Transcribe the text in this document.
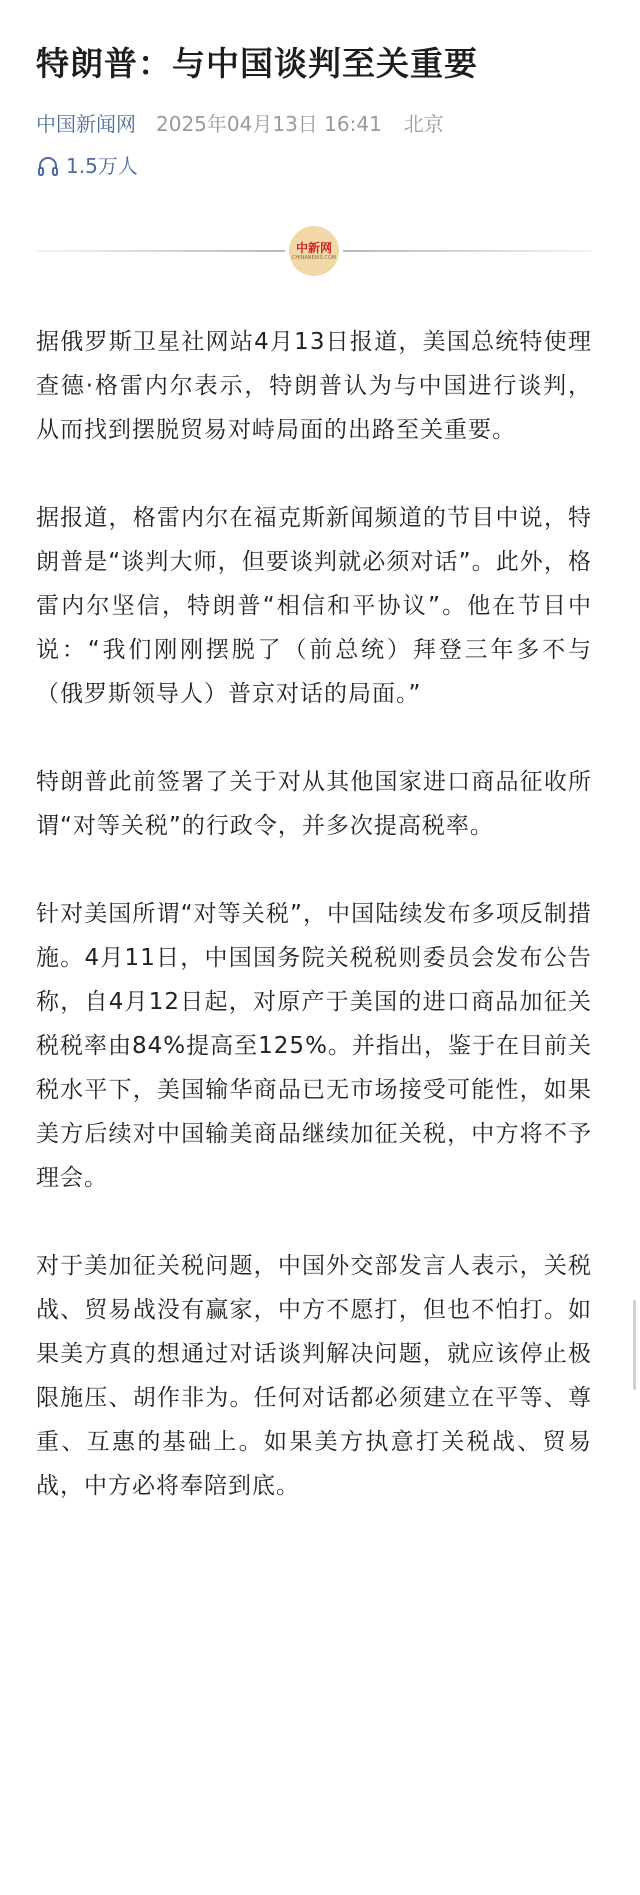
特朗普：与中国谈判至关重要
中国新闻网 2025年04月13日 16:41 北京
1.5万人
中新网
CHINANEWS.COM

据俄罗斯卫星社网站4月13日报道，美国总统特使理查德·格雷内尔表示，特朗普认为与中国进行谈判，从而找到摆脱贸易对峙局面的出路至关重要。

据报道，格雷内尔在福克斯新闻频道的节目中说，特朗普是“谈判大师，但要谈判就必须对话”。此外，格雷内尔坚信，特朗普“相信和平协议”。他在节目中说：“我们刚刚摆脱了（前总统）拜登三年多不与（俄罗斯领导人）普京对话的局面。”

特朗普此前签署了关于对从其他国家进口商品征收所谓“对等关税”的行政令，并多次提高税率。

针对美国所谓“对等关税”，中国陆续发布多项反制措施。4月11日，中国国务院关税税则委员会发布公告称，自4月12日起，对原产于美国的进口商品加征关税税率由84%提高至125%。并指出，鉴于在目前关税水平下，美国输华商品已无市场接受可能性，如果美方后续对中国输美商品继续加征关税，中方将不予理会。

对于美加征关税问题，中国外交部发言人表示，关税战、贸易战没有赢家，中方不愿打，但也不怕打。如果美方真的想通过对话谈判解决问题，就应该停止极限施压、胡作非为。任何对话都必须建立在平等、尊重、互惠的基础上。如果美方执意打关税战、贸易战，中方必将奉陪到底。
